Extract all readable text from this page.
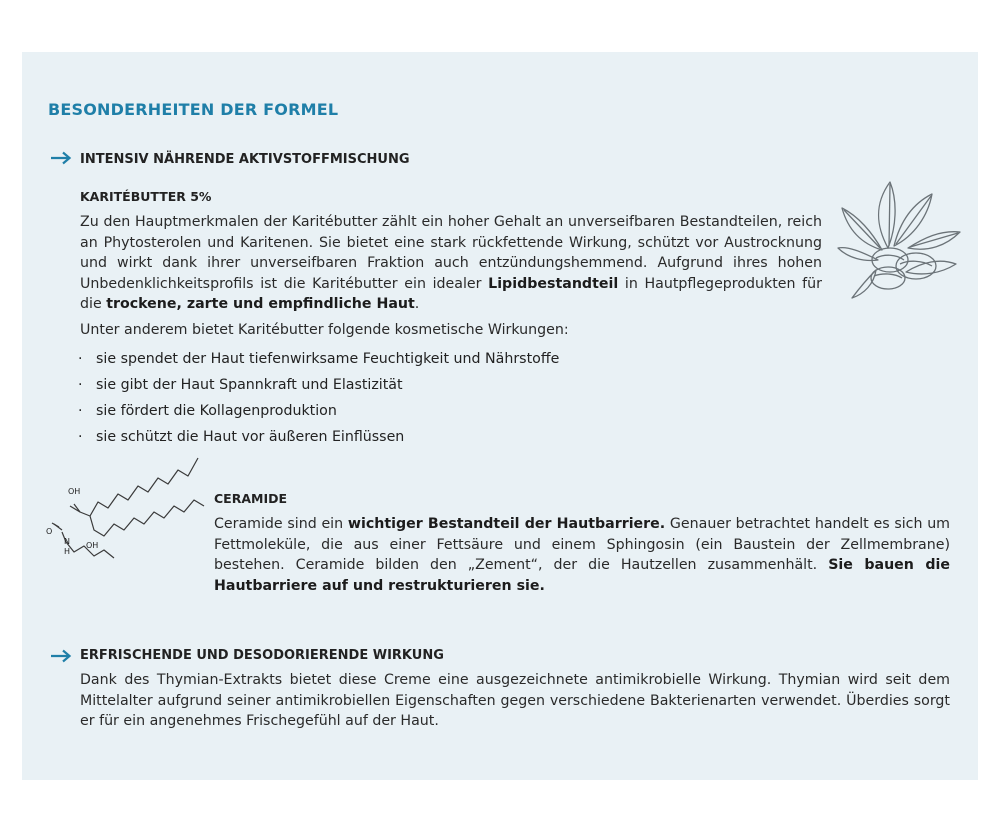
BESONDERHEITEN DER FORMEL
INTENSIV NÄHRENDE AKTIVSTOFFMISCHUNG
KARITÉBUTTER 5%
Zu den Hauptmerkmalen der Karitébutter zählt ein hoher Gehalt an unverseifbaren Bestandteilen, reich an Phytosterolen und Karitenen. Sie bietet eine stark rückfettende Wirkung, schützt vor Austrocknung und wirkt dank ihrer unverseifbaren Fraktion auch entzündungshemmend. Aufgrund ihres hohen Unbedenklichkeitsprofils ist die Karitébutter ein idealer Lipidbestandteil in Hautpflegeprodukten für die trockene, zarte und empfindliche Haut.
Unter anderem bietet Karitébutter folgende kosmetische Wirkungen:
· sie spendet der Haut tiefenwirksame Feuchtigkeit und Nährstoffe
· sie gibt der Haut Spannkraft und Elastizität
· sie fördert die Kollagenproduktion
· sie schützt die Haut vor äußeren Einflüssen
OH
OH
N
H
O
CERAMIDE
Ceramide sind ein wichtiger Bestandteil der Hautbarriere. Genauer betrachtet handelt es sich um Fettmoleküle, die aus einer Fettsäure und einem Sphingosin (ein Baustein der Zellmembrane) bestehen. Ceramide bilden den „Zement“, der die Hautzellen zusammenhält. Sie bauen die Hautbarriere auf und restrukturieren sie.
ERFRISCHENDE UND DESODORIERENDE WIRKUNG
Dank des Thymian-Extrakts bietet diese Creme eine ausgezeichnete antimikrobielle Wirkung. Thymian wird seit dem Mittelalter aufgrund seiner antimikrobiellen Eigenschaften gegen verschiedene Bakterienarten verwendet. Überdies sorgt er für ein angenehmes Frischegefühl auf der Haut.
